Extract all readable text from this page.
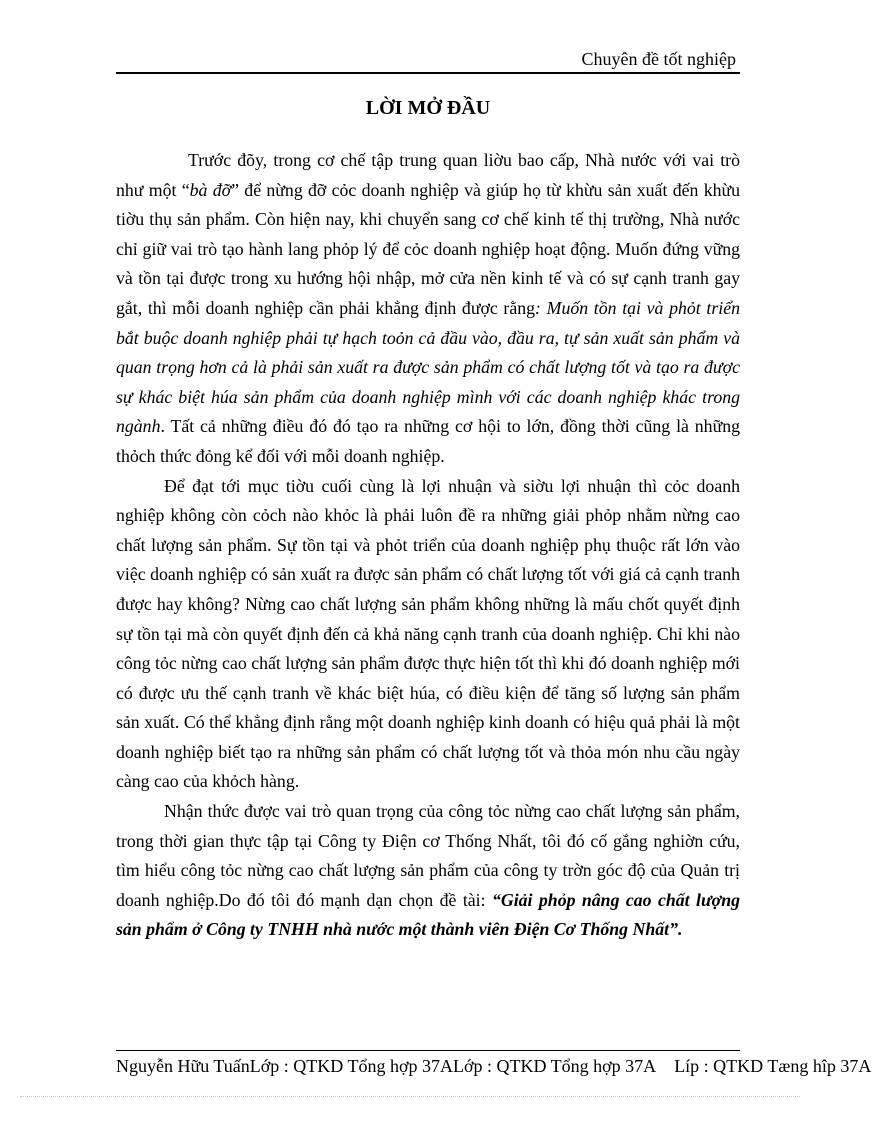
Chuyên đề tốt nghiệp
LỜI MỞ ĐẦU

Trước đõy, trong cơ chế tập trung quan liờu bao cấp, Nhà nước với vai trò như một “bà đỡ” để nừng đỡ cỏc doanh nghiệp và giúp họ từ khừu sản xuất đến khừu tiờu thụ sản phẩm. Còn hiện nay, khi chuyển sang cơ chế kinh tế thị trường, Nhà nước chỉ giữ vai trò tạo hành lang phỏp lý để cỏc doanh nghiệp hoạt động. Muốn đứng vững và tồn tại được trong xu hướng hội nhập, mở cửa nền kinh tế và có sự cạnh tranh gay gắt, thì mỗi doanh nghiệp cần phải khẳng định được rằng: Muốn tồn tại và phỏt triển bắt buộc doanh nghiệp phải tự hạch toỏn cả đầu vào, đầu ra, tự sản xuất sản phẩm và quan trọng hơn cả là phải sản xuất ra được sản phẩm có chất lượng tốt và tạo ra được sự khác biệt húa sản phẩm của doanh nghiệp mình với các doanh nghiệp khác trong ngành. Tất cả những điều đó đó tạo ra những cơ hội to lớn, đồng thời cũng là những thỏch thức đỏng kể đối với mỗi doanh nghiệp.

Để đạt tới mục tiờu cuối cùng là lợi nhuận và siờu lợi nhuận thì cỏc doanh nghiệp không còn cỏch nào khỏc là phải luôn đề ra những giải phỏp nhằm nừng cao chất lượng sản phẩm. Sự tồn tại và phỏt triển của doanh nghiệp phụ thuộc rất lớn vào việc doanh nghiệp có sản xuất ra được sản phẩm có chất lượng tốt với giá cả cạnh tranh được hay không? Nừng cao chất lượng sản phẩm không những là mấu chốt quyết định sự tồn tại mà còn quyết định đến cả khả năng cạnh tranh của doanh nghiệp. Chỉ khi nào công tỏc nừng cao chất lượng sản phẩm được thực hiện tốt thì khi đó doanh nghiệp mới có được ưu thế cạnh tranh về khác biệt húa, có điều kiện để tăng số lượng sản phẩm sản xuất. Có thể khẳng định rằng một doanh nghiệp kinh doanh có hiệu quả phải là một doanh nghiệp biết tạo ra những sản phẩm có chất lượng tốt và thỏa món nhu cầu ngày càng cao của khỏch hàng.

Nhận thức được vai trò quan trọng của công tỏc nừng cao chất lượng sản phẩm, trong thời gian thực tập tại Công ty Điện cơ Thống Nhất, tôi đó cố gắng nghiờn cứu, tìm hiểu công tỏc nừng cao chất lượng sản phẩm của công ty trờn góc độ của Quản trị doanh nghiệp.Do đó tôi đó mạnh dạn chọn đề tài: “Giải phỏp nâng cao chất lượng sản phẩm ở Công ty TNHH nhà nước một thành viên Điện Cơ Thống Nhất”.

Nguyễn Hữu TuấnLớp : QTKD Tổng hợp 37ALớp : QTKD Tổng hợp 37A Líp : QTKD Tæng hîp 37A
